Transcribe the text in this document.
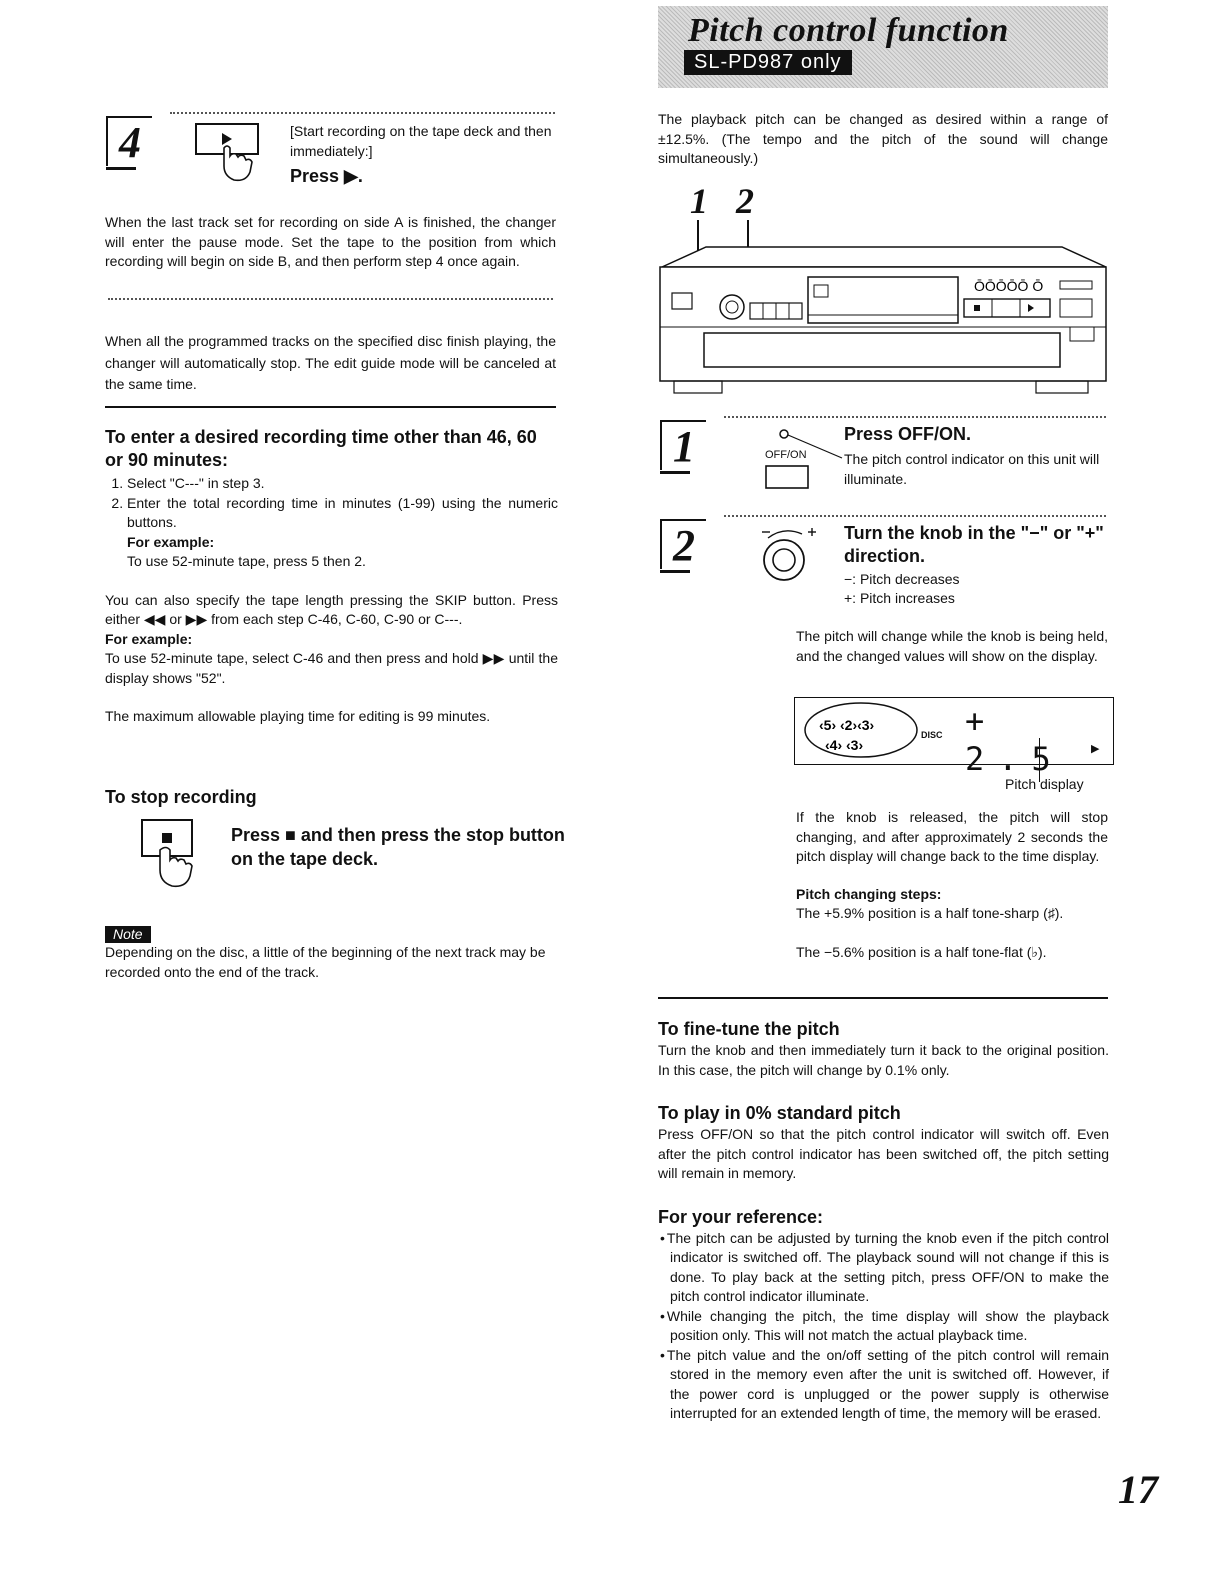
Pitch control function
SL-PD987 only
4	[Start recording on the tape deck and then immediately:]

Press ▶.

When the last track set for recording on side A is finished, the changer will enter the pause mode. Set the tape to the position from which recording will begin on side B, and then perform step 4 once again.

When all the programmed tracks on the specified disc finish playing, the changer will automatically stop. The edit guide mode will be canceled at the same time.

To enter a desired recording time other than 46, 60 or 90 minutes:

1. Select "C---" in step 3.
2. Enter the total recording time in minutes (1-99) using the numeric buttons.
For example:
To use 52-minute tape, press 5 then 2.

You can also specify the tape length pressing the SKIP button. Press either ◀◀ or ▶▶ from each step C-46, C-60, C-90 or C---.

For example:

To use 52-minute tape, select C-46 and then press and hold ▶▶ until the display shows "52".

The maximum allowable playing time for editing is 99 minutes.

To stop recording

Press ■ and then press the stop button on the tape deck.

Note

Depending on the disc, a little of the beginning of the next track may be recorded onto the end of the track.

The playback pitch can be changed as desired within a range of ±12.5%. (The tempo and the pitch of the sound will change simultaneously.)

1 2
ŌŌŌŌŌ Ō
1	OFF/ON

Press OFF/ON.

The pitch control indicator on this unit will illuminate.

2	Turn the knob in the "−" or "+" direction.

−: Pitch decreases

+: Pitch increases

The pitch will change while the knob is being held, and the changed values will show on the display.

‹5› ‹2›‹3›
‹4› ‹3›
DISC + 2.5	▶

Pitch display

If the knob is released, the pitch will stop changing, and after approximately 2 seconds the pitch display will change back to the time display.

Pitch changing steps:

The +5.9% position is a half tone-sharp (♯).

The −5.6% position is a half tone-flat (♭).

To fine-tune the pitch

Turn the knob and then immediately turn it back to the original position. In this case, the pitch will change by 0.1% only.

To play in 0% standard pitch

Press OFF/ON so that the pitch control indicator will switch off. Even after the pitch control indicator has been switched off, the pitch setting will remain in memory.

For your reference:

• The pitch can be adjusted by turning the knob even if the pitch control indicator is switched off. The playback sound will not change if this is done. To play back at the setting pitch, press OFF/ON to make the pitch control indicator illuminate.
• While changing the pitch, the time display will show the playback position only. This will not match the actual playback time.
• The pitch value and the on/off setting of the pitch control will remain stored in the memory even after the unit is switched off. However, if the power cord is unplugged or the power supply is otherwise interrupted for an extended length of time, the memory will be erased.
17
